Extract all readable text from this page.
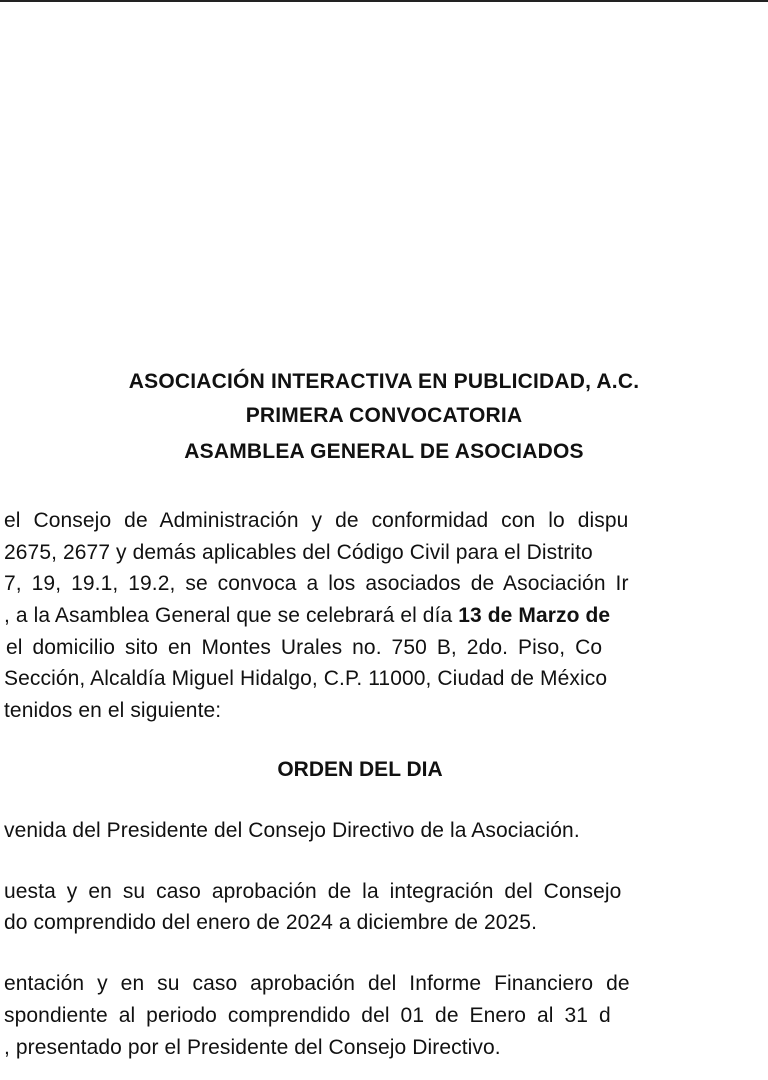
ASOCIACIÓN INTERACTIVA EN PUBLICIDAD, A.C.
PRIMERA CONVOCATORIA
ASAMBLEA GENERAL DE ASOCIADOS
el Consejo de Administración y de conformidad con lo dispu
2675, 2677 y demás aplicables del Código Civil para el Distrito
7, 19, 19.1, 19.2, se convoca a los asociados de Asociación Ir
, a la Asamblea General que se celebrará el día 13 de Marzo de
el domicilio sito en Montes Urales no. 750 B, 2do. Piso, Co
Sección, Alcaldía Miguel Hidalgo, C.P. 11000, Ciudad de México
tenidos en el siguiente:
ORDEN DEL DIA
venida del Presidente del Consejo Directivo de la Asociación.
uesta y en su caso aprobación de la integración del Consejo
do comprendido del enero de 2024 a diciembre de 2025.
entación y en su caso aprobación del Informe Financiero de
spondiente al periodo comprendido del 01 de Enero al 31 d
, presentado por el Presidente del Consejo Directivo.
